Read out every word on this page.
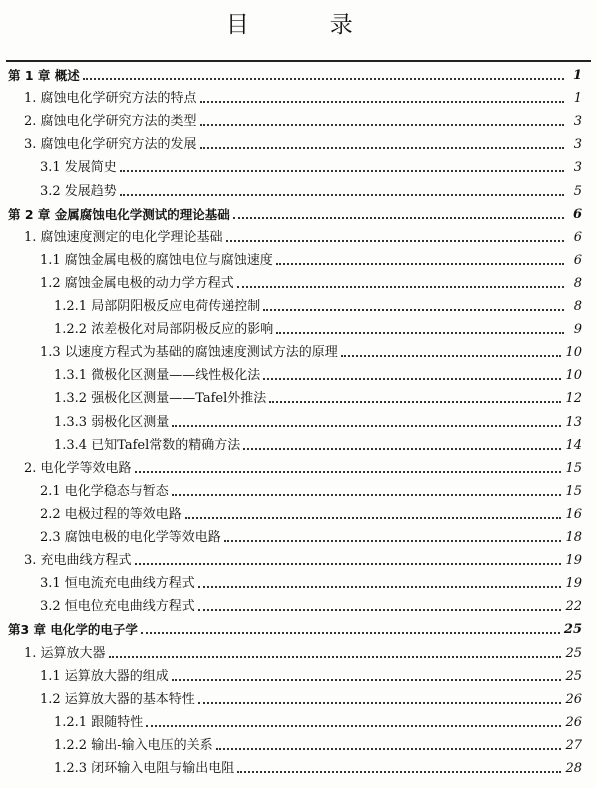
目 录
第 1 章 概述	1
1. 腐蚀电化学研究方法的特点	1
2. 腐蚀电化学研究方法的类型	3
3. 腐蚀电化学研究方法的发展	3
3.1 发展简史	3
3.2 发展趋势	5
第 2 章 金属腐蚀电化学测试的理论基础	6
1. 腐蚀速度测定的电化学理论基础	6
1.1 腐蚀金属电极的腐蚀电位与腐蚀速度	6
1.2 腐蚀金属电极的动力学方程式	8
1.2.1 局部阴阳极反应电荷传递控制	8
1.2.2 浓差极化对局部阴极反应的影响	9
1.3 以速度方程式为基础的腐蚀速度测试方法的原理	10
1.3.1 微极化区测量——线性极化法	10
1.3.2 强极化区测量——Tafel外推法	12
1.3.3 弱极化区测量	13
1.3.4 已知Tafel常数的精确方法	14
2. 电化学等效电路	15
2.1 电化学稳态与暂态	15
2.2 电极过程的等效电路	16
2.3 腐蚀电极的电化学等效电路	18
3. 充电曲线方程式	19
3.1 恒电流充电曲线方程式	19
3.2 恒电位充电曲线方程式	22
第3 章 电化学的电子学	25
1. 运算放大器	25
1.1 运算放大器的组成	25
1.2 运算放大器的基本特性	26
1.2.1 跟随特性	26
1.2.2 输出-输入电压的关系	27
1.2.3 闭环输入电阻与输出电阻	28
